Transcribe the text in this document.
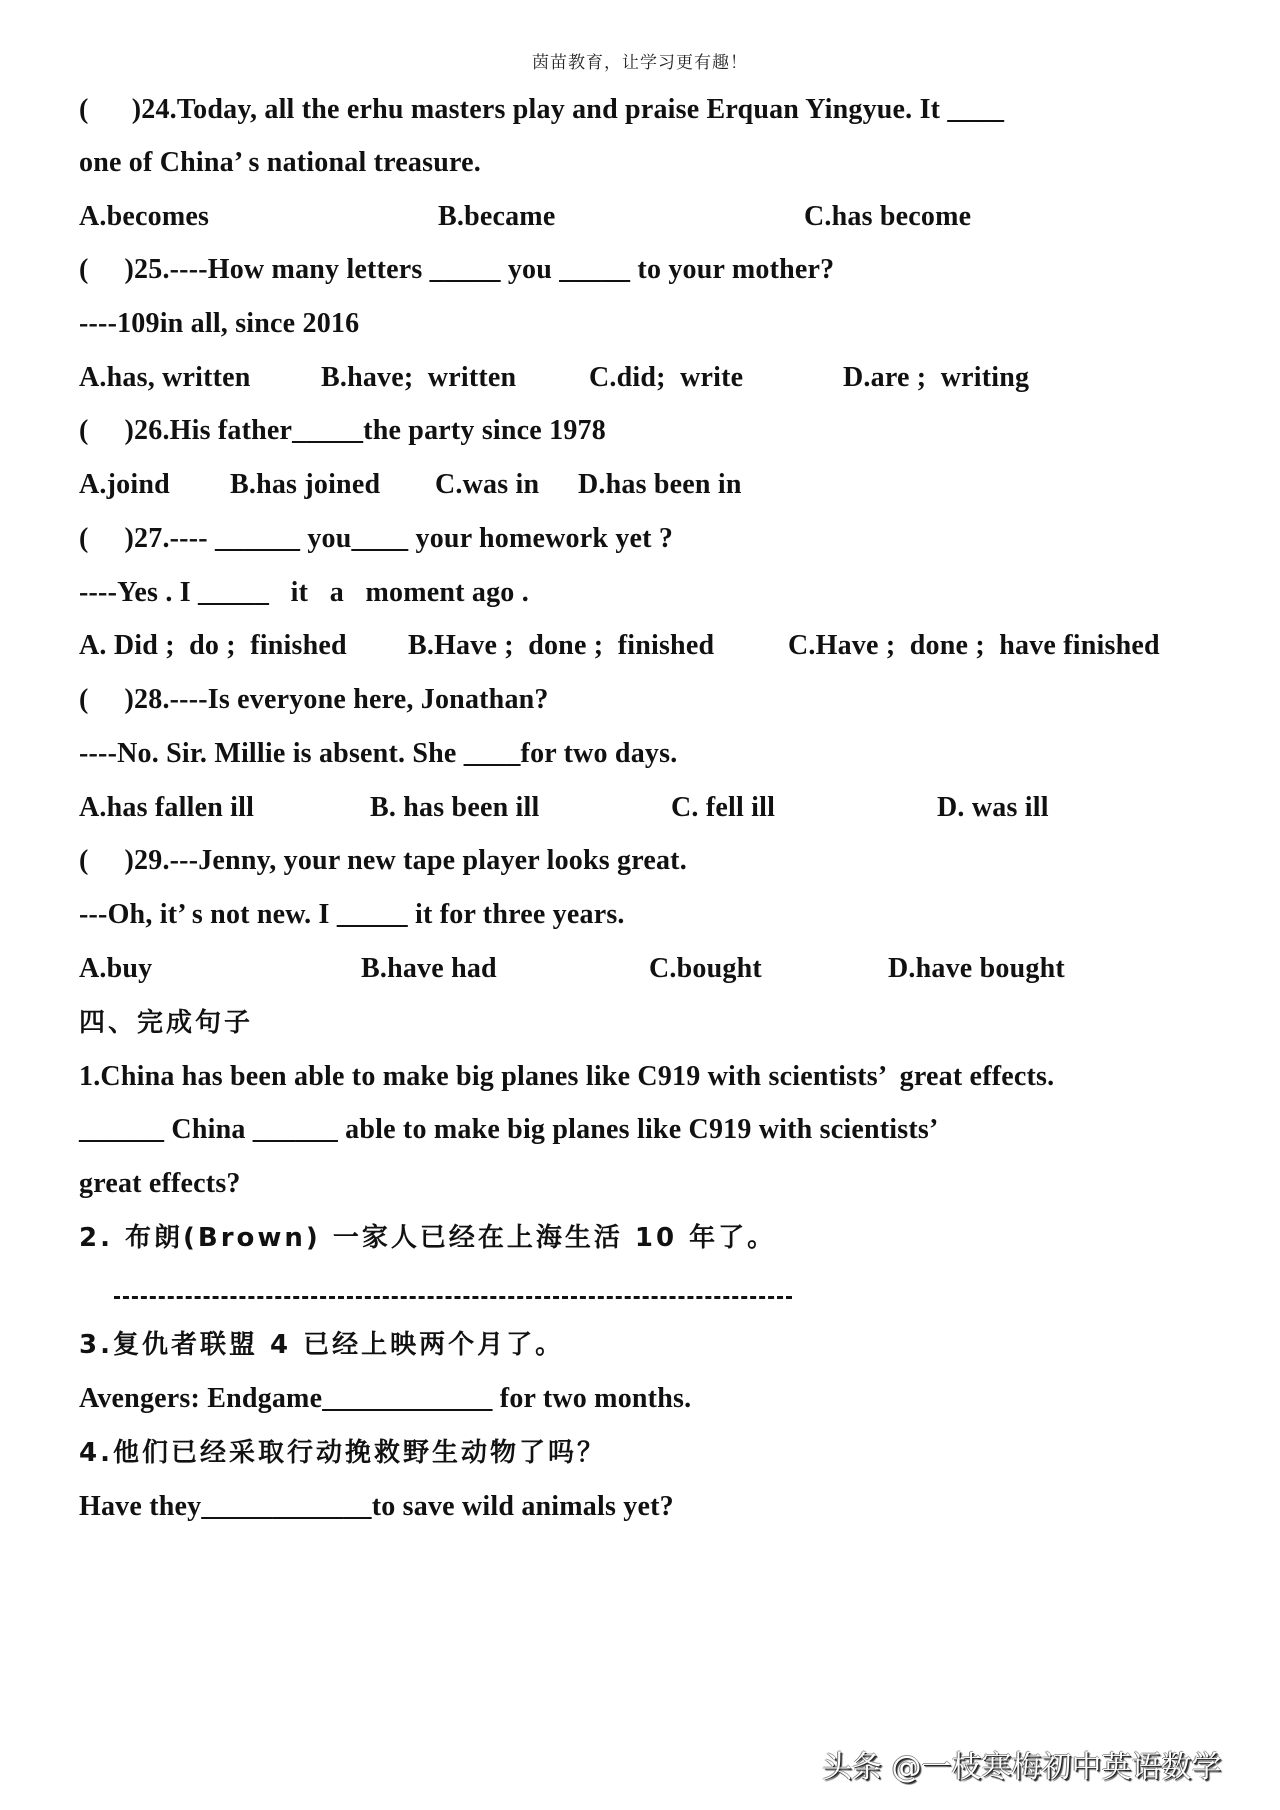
茵苗教育，让学习更有趣！
(      )24.Today, all the erhu masters play and praise Erquan Yingyue. It ____
one of China’ s national treasure.

A.becomes

	B.became

	C.has become

(     )25.----How many letters _____ you _____ to your mother?
----109in all, since 2016

A.has, written

	B.have;  written

	C.did;  write

	D.are ;  writing

(     )26.His father_____the party since 1978

A.joind

B.has joined

C.was in

D.has been in

(     )27.---- ______ you____ your homework yet ?
----Yes . I _____   it   a   moment ago .

A. Did ;  do ;  finished

B.Have ;  done ;  finished

	C.Have ;  done ;  have finished

(     )28.----Is everyone here, Jonathan?
----No. Sir. Millie is absent. She ____for two days.

A.has fallen ill

	B. has been ill

	C. fell ill

	D. was ill

(     )29.---Jenny, your new tape player looks great.
---Oh, it’ s not new. I _____ it for three years.

A.buy

	B.have had

	C.bought

	D.have bought

四、完成句子
1.China has been able to make big planes like C919 with scientists’  great effects.
______ China ______ able to make big planes like C919 with scientists’
great effects?
2. 布朗(Brown) 一家人已经在上海生活 10 年了。
3.复仇者联盟 4 已经上映两个月了。
Avengers: Endgame____________ for two months.
4.他们已经采取行动挽救野生动物了吗？
Have they____________to save wild animals yet?
头条 @一枝寒梅初中英语数学
